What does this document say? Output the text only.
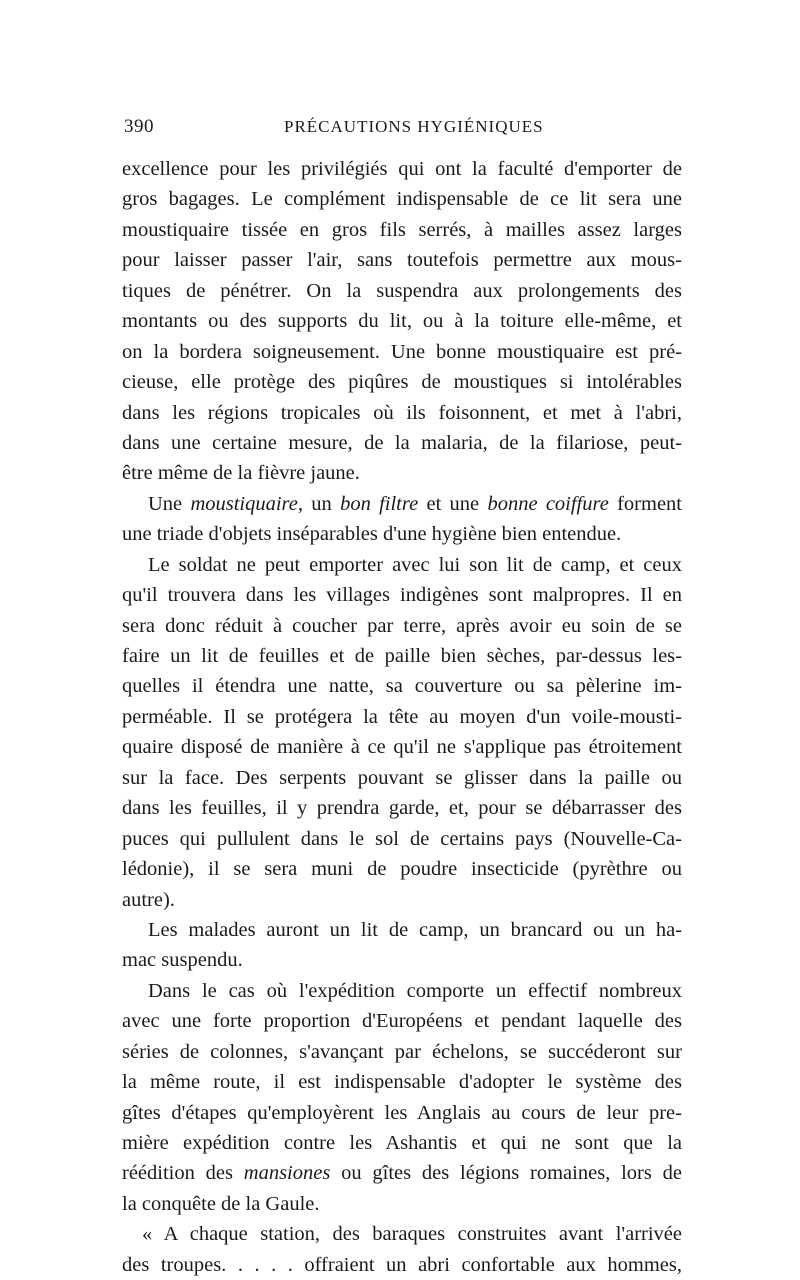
390	PRÉCAUTIONS HYGIÉNIQUES
excellence pour les privilégiés qui ont la faculté d'emporter de
gros bagages. Le complément indispensable de ce lit sera une
moustiquaire tissée en gros fils serrés, à mailles assez larges
pour laisser passer l'air, sans toutefois permettre aux mous-
tiques de pénétrer. On la suspendra aux prolongements des
montants ou des supports du lit, ou à la toiture elle-même, et
on la bordera soigneusement. Une bonne moustiquaire est pré-
cieuse, elle protège des piqûres de moustiques si intolérables
dans les régions tropicales où ils foisonnent, et met à l'abri,
dans une certaine mesure, de la malaria, de la filariose, peut-
être même de la fièvre jaune.
Une moustiquaire, un bon filtre et une bonne coiffure forment
une triade d'objets inséparables d'une hygiène bien entendue.
Le soldat ne peut emporter avec lui son lit de camp, et ceux
qu'il trouvera dans les villages indigènes sont malpropres. Il en
sera donc réduit à coucher par terre, après avoir eu soin de se
faire un lit de feuilles et de paille bien sèches, par-dessus les-
quelles il étendra une natte, sa couverture ou sa pèlerine im-
perméable. Il se protégera la tête au moyen d'un voile-mousti-
quaire disposé de manière à ce qu'il ne s'applique pas étroitement
sur la face. Des serpents pouvant se glisser dans la paille ou
dans les feuilles, il y prendra garde, et, pour se débarrasser des
puces qui pullulent dans le sol de certains pays (Nouvelle-Ca-
lédonie), il se sera muni de poudre insecticide (pyrèthre ou
autre).
Les malades auront un lit de camp, un brancard ou un ha-
mac suspendu.
Dans le cas où l'expédition comporte un effectif nombreux
avec une forte proportion d'Européens et pendant laquelle des
séries de colonnes, s'avançant par échelons, se succéderont sur
la même route, il est indispensable d'adopter le système des
gîtes d'étapes qu'employèrent les Anglais au cours de leur pre-
mière expédition contre les Ashantis et qui ne sont que la
réédition des mansiones ou gîtes des légions romaines, lors de
la conquête de la Gaule.
« A chaque station, des baraques construites avant l'arrivée
des troupes. . . . . offraient un abri confortable aux hommes,
